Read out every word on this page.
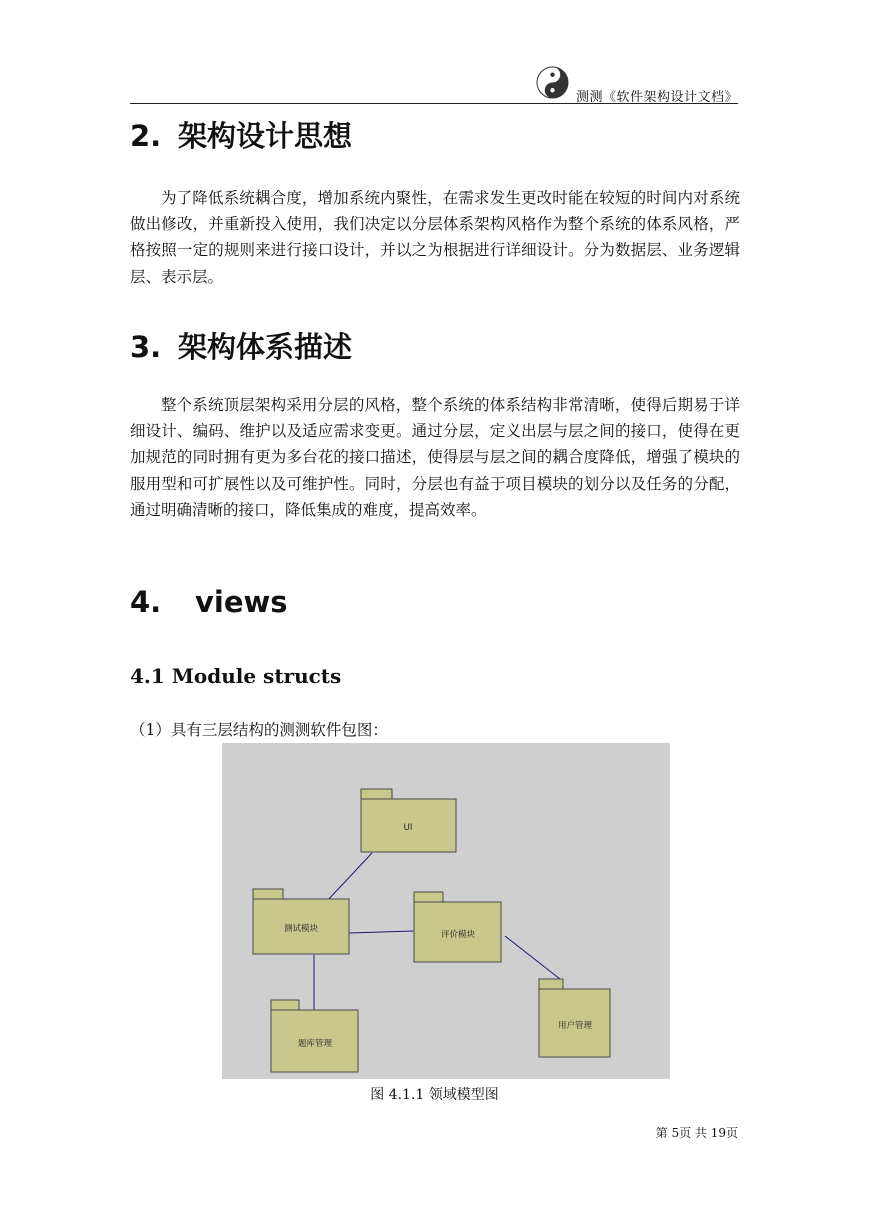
测测《软件架构设计文档》
2. 架构设计思想

为了降低系统耦合度，增加系统内聚性，在需求发生更改时能在较短的时间内对系统做出修改，并重新投入使用，我们决定以分层体系架构风格作为整个系统的体系风格，严格按照一定的规则来进行接口设计，并以之为根据进行详细设计。分为数据层、业务逻辑层、表示层。

3. 架构体系描述

整个系统顶层架构采用分层的风格，整个系统的体系结构非常清晰，使得后期易于详细设计、编码、维护以及适应需求变更。通过分层，定义出层与层之间的接口，使得在更加规范的同时拥有更为多台花的接口描述，使得层与层之间的耦合度降低，增强了模块的服用型和可扩展性以及可维护性。同时，分层也有益于项目模块的划分以及任务的分配，通过明确清晰的接口，降低集成的难度，提高效率。

4. views
4.1 Module structs
（1）具有三层结构的测测软件包图：
UI
测试模块
评价模块
题库管理
用户管理
图 4.1.1 领域模型图
第 5页 共 19页
